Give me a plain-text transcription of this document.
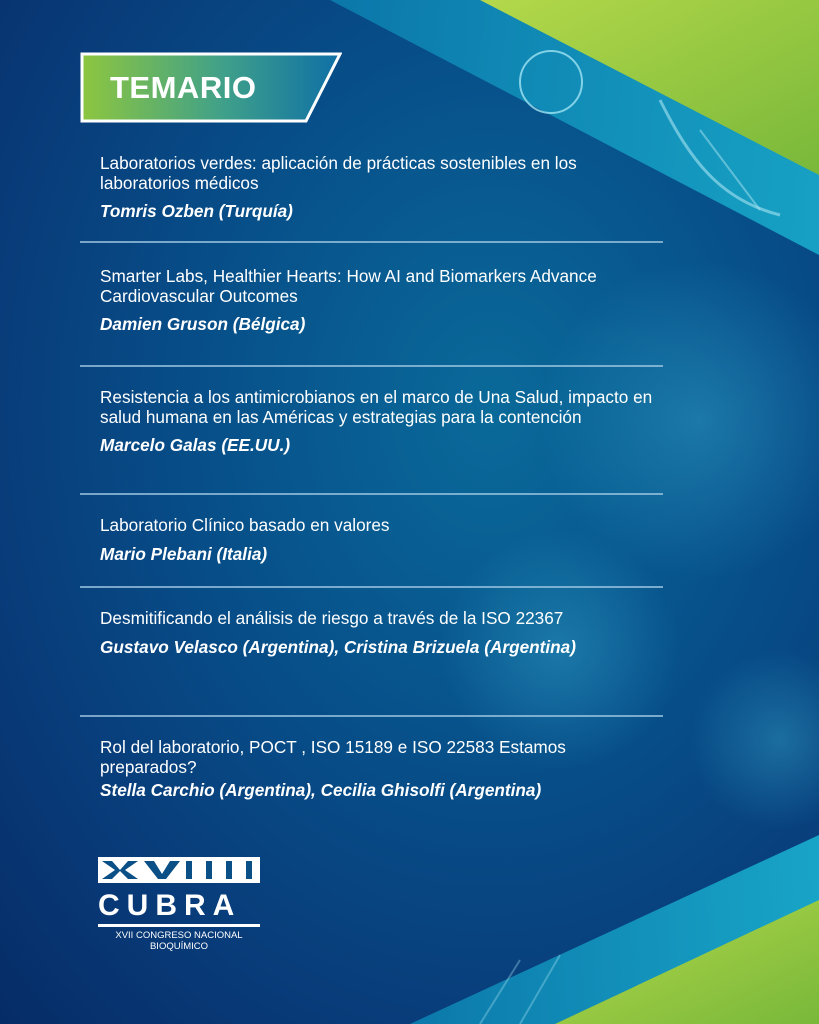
TEMARIO

Laboratorios verdes: aplicación de prácticas sostenibles en los laboratorios médicos

Tomris Ozben (Turquía)

Smarter Labs, Healthier Hearts: How AI and Biomarkers Advance Cardiovascular Outcomes

Damien Gruson (Bélgica)

Resistencia a los antimicrobianos en el marco de Una Salud, impacto en salud humana en las Américas y estrategias para la contención

Marcelo Galas (EE.UU.)

Laboratorio Clínico basado en valores

Mario Plebani (Italia)

Desmitificando el análisis de riesgo a través de la ISO 22367

Gustavo Velasco (Argentina), Cristina Brizuela (Argentina)

Rol del laboratorio, POCT , ISO 15189 e ISO 22583 Estamos preparados?

Stella Carchio (Argentina), Cecilia Ghisolfi (Argentina)
CUBRA
XVII CONGRESO NACIONAL
BIOQUÍMICO
